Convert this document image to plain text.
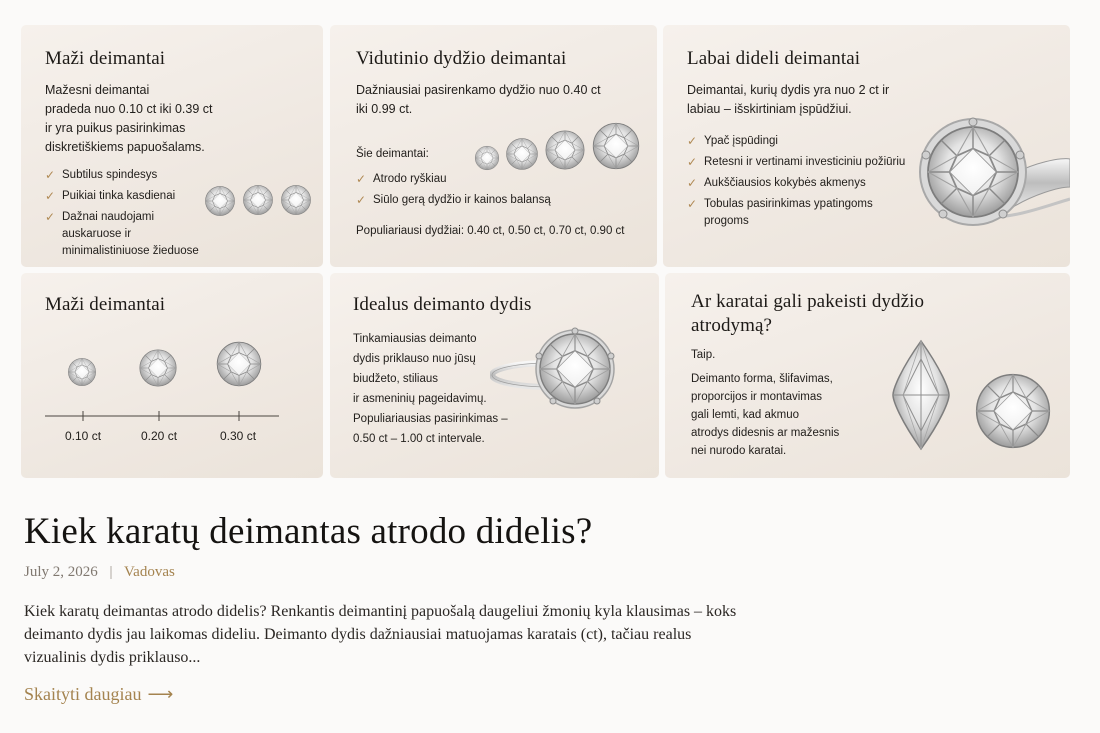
Maži deimantai

Mažesni deimantai
pradeda nuo 0.10 ct iki 0.39 ct
ir yra puikus pasirinkimas
diskretiškiems papuošalams.

✓ Subtilus spindesys
✓ Puikiai tinka kasdienai
✓ Dažnai naudojami
auskaruose ir
minimalistiniuose žieduose
Vidutinio dydžio deimantai

Dažniausiai pasirenkamo dydžio nuo 0.40 ct
iki 0.99 ct.

Šie deimantai:

✓ Atrodo ryškiau
✓ Siūlo gerą dydžio ir kainos balansą

Populiariausi dydžiai: 0.40 ct, 0.50 ct, 0.70 ct, 0.90 ct

Labai dideli deimantai

Deimantai, kurių dydis yra nuo 2 ct ir
labiau – išskirtiniam įspūdžiui.

✓ Ypač įspūdingi
✓ Retesni ir vertinami investiciniu požiūriu
✓ Aukščiausios kokybės akmenys
✓ Tobulas pasirinkimas ypatingoms
progoms
Maži deimantai
0.10 ct	0.20 ct	0.30 ct
Idealus deimanto dydis

Tinkamiausias deimanto
dydis priklauso nuo jūsų
biudžeto, stiliaus
ir asmeninių pageidavimų.
Populiariausias pasirinkimas –
0.50 ct – 1.00 ct intervale.

Ar karatai gali pakeisti dydžio
atrodymą?

Taip.

Deimanto forma, šlifavimas,
proporcijos ir montavimas
gali lemti, kad akmuo
atrodys didesnis ar mažesnis
nei nurodo karatai.

Kiek karatų deimantas atrodo didelis?
July 2, 2026 | Vadovas

Kiek karatų deimantas atrodo didelis? Renkantis deimantinį papuošalą daugeliui žmonių kyla klausimas – koks deimanto dydis jau laikomas dideliu. Deimanto dydis dažniausiai matuojamas karatais (ct), tačiau realus vizualinis dydis priklauso...

Skaityti daugiau ⟶
